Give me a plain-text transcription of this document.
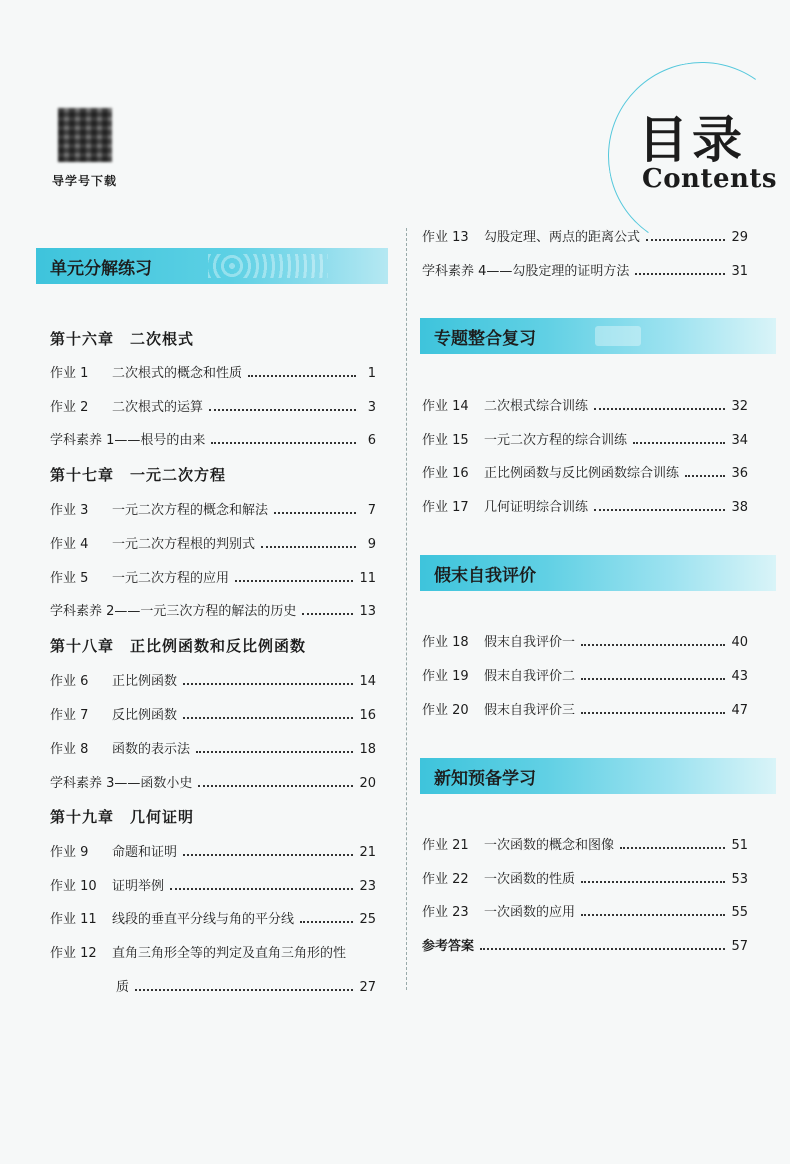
导学号下载
目录
Contents
单元分解练习
第十六章　二次根式
作业 1	二次根式的概念和性质	1
作业 2	二次根式的运算	3
学科素养 1 ——根号的由来	6
第十七章　一元二次方程
作业 3	一元二次方程的概念和解法	7
作业 4	一元二次方程根的判别式	9
作业 5	一元二次方程的应用	11
学科素养 2 ——一元三次方程的解法的历史	13
第十八章　正比例函数和反比例函数
作业 6	正比例函数	14
作业 7	反比例函数	16
作业 8	函数的表示法	18
学科素养 3 ——函数小史	20
第十九章　几何证明
作业 9	命题和证明	21
作业 10	证明举例	23
作业 11	线段的垂直平分线与角的平分线	25
作业 12	直角三角形全等的判定及直角三角形的性
质	27
作业 13	勾股定理、两点的距离公式	29
学科素养 4 ——勾股定理的证明方法	31
专题整合复习
作业 14	二次根式综合训练	32
作业 15	一元二次方程的综合训练	34
作业 16	正比例函数与反比例函数综合训练	36
作业 17	几何证明综合训练	38
假末自我评价
作业 18	假末自我评价一	40
作业 19	假末自我评价二	43
作业 20	假末自我评价三	47
新知预备学习
作业 21	一次函数的概念和图像	51
作业 22	一次函数的性质	53
作业 23	一次函数的应用	55
参考答案	57
